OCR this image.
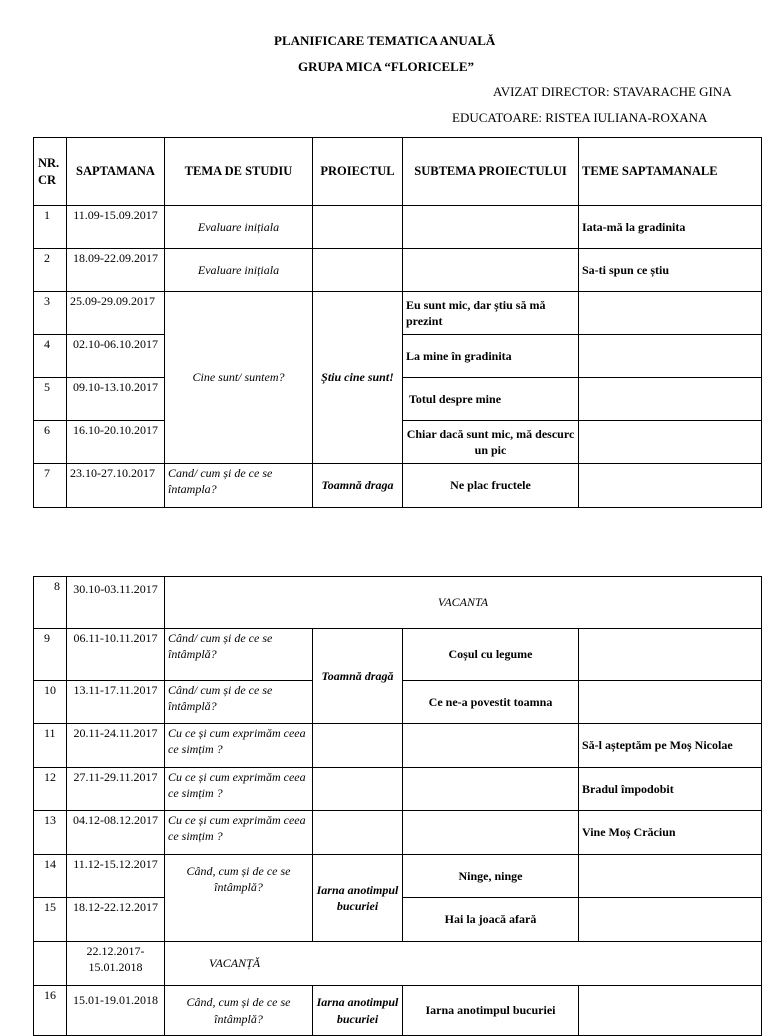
PLANIFICARE TEMATICA ANUALĂ
GRUPA MICA “FLORICELE”
AVIZAT DIRECTOR: STAVARACHE GINA
EDUCATOARE: RISTEA IULIANA-ROXANA
NR. CR	SAPTAMANA	TEMA DE STUDIU	PROIECTUL	SUBTEMA PROIECTULUI	TEME SAPTAMANALE
1	11.09-15.09.2017	Evaluare inițiala			Iata-mă la gradinita
2	18.09-22.09.2017	Evaluare inițiala			Sa-ti spun ce știu
3	25.09-29.09.2017	Cine sunt/ suntem?	Știu cine sunt!	Eu sunt mic, dar știu să mă prezint	
4	02.10-06.10.2017			La mine în gradinita	
5	09.10-13.10.2017			Totul despre mine	
6	16.10-20.10.2017			Chiar dacă sunt mic, mă descurc un pic	
7	23.10-27.10.2017	Cand/ cum și de ce se întampla?	Toamnă draga	Ne plac fructele	
8	30.10-03.11.2017	VACANTA			
9	06.11-10.11.2017	Când/ cum și de ce se întâmplă?	Toamnă dragă	Coșul cu legume	
10	13.11-17.11.2017	Când/ cum și de ce se întâmplă?		Ce ne-a povestit toamna	
11	20.11-24.11.2017	Cu ce și cum exprimăm ceea ce simțim ?			Să-l așteptăm pe Moș Nicolae
12	27.11-29.11.2017	Cu ce și cum exprimăm ceea ce simțim ?			Bradul împodobit
13	04.12-08.12.2017	Cu ce și cum exprimăm ceea ce simțim ?			Vine Moș Crăciun
14	11.12-15.12.2017	Când, cum și de ce se întâmplă?	Iarna anotimpul bucuriei	Ninge, ninge	
15	18.12-22.12.2017			Hai la joacă afară	
	22.12.2017-15.01.2018	VACANȚĂ			
16	15.01-19.01.2018	Când, cum și de ce se întâmplă?	Iarna anotimpul bucuriei	Iarna anotimpul bucuriei	
